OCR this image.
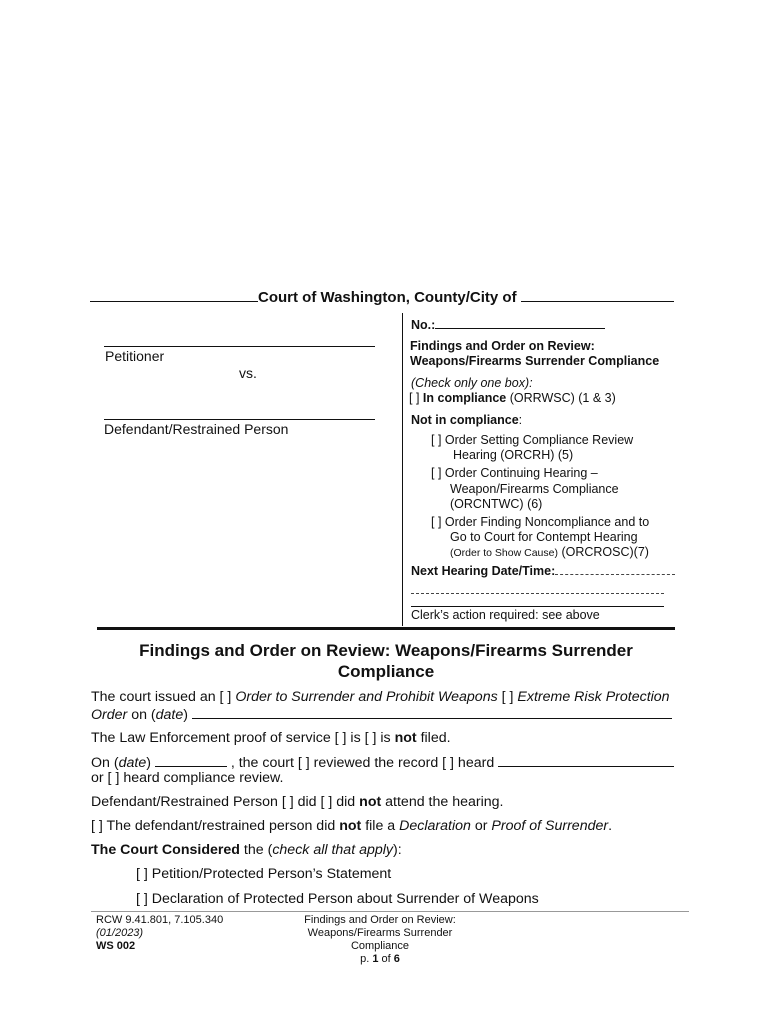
Court of Washington, County/City of
Petitioner
vs.
Defendant/Restrained Person
No.:
Findings and Order on Review:
Weapons/Firearms Surrender Compliance
(Check only one box):
[ ] In compliance (ORRWSC) (1 & 3)
Not in compliance:
[ ] Order Setting Compliance Review
Hearing (ORCRH) (5)
[ ] Order Continuing Hearing –
Weapon/Firearms Compliance
(ORCNTWC) (6)
[ ] Order Finding Noncompliance and to
Go to Court for Contempt Hearing
(Order to Show Cause) (ORCROSC)(7)
Next Hearing Date/Time:
Clerk’s action required: see above
Findings and Order on Review: Weapons/Firearms Surrender
Compliance
The court issued an [ ] Order to Surrender and Prohibit Weapons [ ] Extreme Risk Protection
Order on (date)
The Law Enforcement proof of service [ ] is [ ] is not filed.
On (date)	, the court [ ] reviewed the record [ ] heard
or [ ] heard compliance review.
Defendant/Restrained Person [ ] did [ ] did not attend the hearing.
[ ] The defendant/restrained person did not file a Declaration or Proof of Surrender.
The Court Considered the (check all that apply):
[ ] Petition/Protected Person’s Statement
[ ] Declaration of Protected Person about Surrender of Weapons
RCW 9.41.801, 7.105.340
(01/2023)
WS 002
Findings and Order on Review:
Weapons/Firearms Surrender
Compliance
p. 1 of 6
